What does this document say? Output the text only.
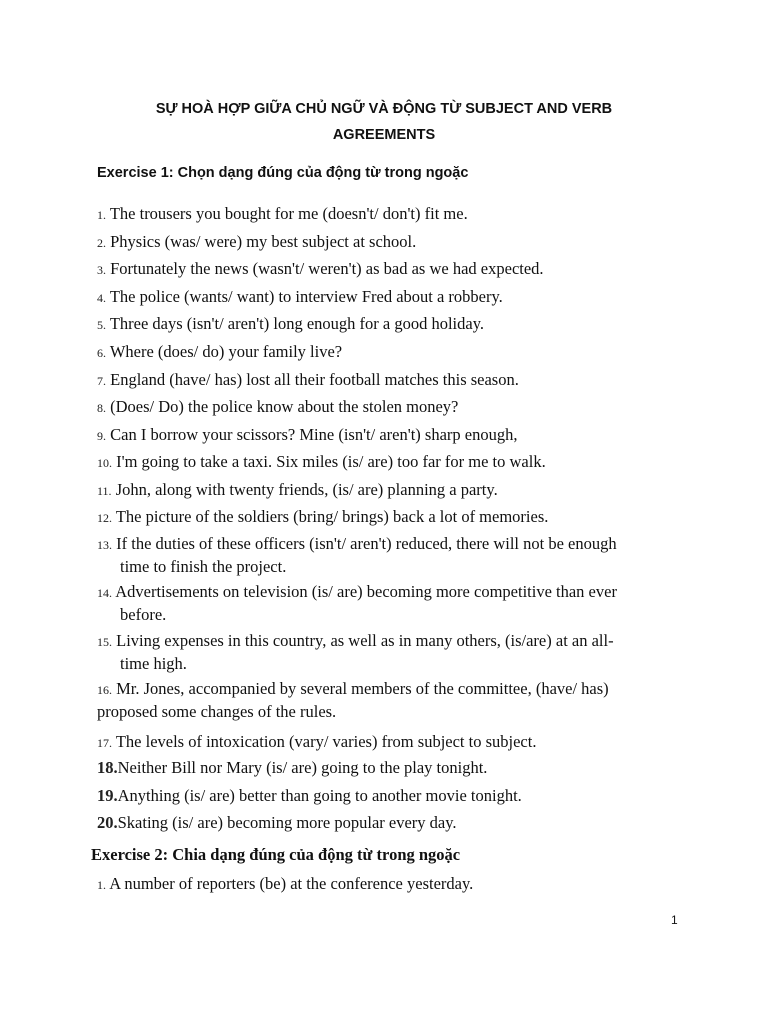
SỰ HOÀ HỢP GIỮA CHỦ NGỮ VÀ ĐỘNG TỪ SUBJECT AND VERB
AGREEMENTS
Exercise 1: Chọn dạng đúng của động từ trong ngoặc
1. The trousers you bought for me (doesn't/ don't) fit me.
2. Physics (was/ were) my best subject at school.
3. Fortunately the news (wasn't/ weren't) as bad as we had expected.
4. The police (wants/ want) to interview Fred about a robbery.
5. Three days (isn't/ aren't) long enough for a good holiday.
6. Where (does/ do) your family live?
7. England (have/ has) lost all their football matches this season.
8. (Does/ Do) the police know about the stolen money?
9. Can I borrow your scissors? Mine (isn't/ aren't) sharp enough,
10. I'm going to take a taxi. Six miles (is/ are) too far for me to walk.
11. John, along with twenty friends, (is/ are) planning a party.
12. The picture of the soldiers (bring/ brings) back a lot of memories.
13. If the duties of these officers (isn't/ aren't) reduced, there will not be enough
time to finish the project.
14. Advertisements on television (is/ are) becoming more competitive than ever
before.
15. Living expenses in this country, as well as in many others, (is/are) at an all-
time high.
16. Mr. Jones, accompanied by several members of the committee, (have/ has)
proposed some changes of the rules.
17. The levels of intoxication (vary/ varies) from subject to subject.
18.Neither Bill nor Mary (is/ are) going to the play tonight.
19.Anything (is/ are) better than going to another movie tonight.
20.Skating (is/ are) becoming more popular every day.
Exercise 2: Chia dạng đúng của động từ trong ngoặc
1. A number of reporters (be) at the conference yesterday.
1
